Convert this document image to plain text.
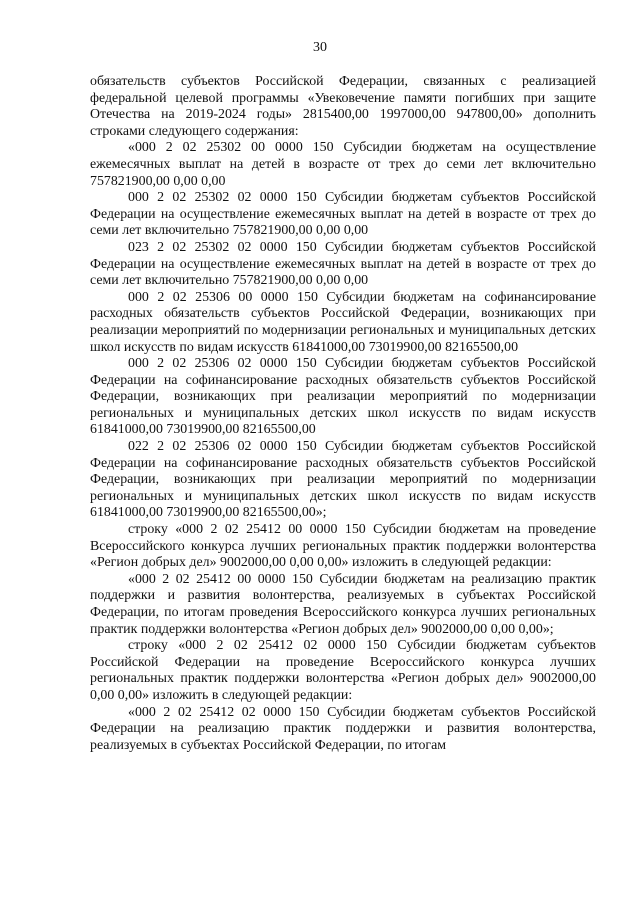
30

обязательств субъектов Российской Федерации, связанных с реализацией федеральной целевой программы «Увековечение памяти погибших при защите Отечества на 2019-2024 годы» 2815400,00 1997000,00 947800,00» дополнить строками следующего содержания:

«000 2 02 25302 00 0000 150 Субсидии бюджетам на осуществление ежемесячных выплат на детей в возрасте от трех до семи лет включительно 757821900,00 0,00 0,00

000 2 02 25302 02 0000 150 Субсидии бюджетам субъектов Российской Федерации на осуществление ежемесячных выплат на детей в возрасте от трех до семи лет включительно 757821900,00 0,00 0,00

023 2 02 25302 02 0000 150 Субсидии бюджетам субъектов Российской Федерации на осуществление ежемесячных выплат на детей в возрасте от трех до семи лет включительно 757821900,00 0,00 0,00

000 2 02 25306 00 0000 150 Субсидии бюджетам на софинансирование расходных обязательств субъектов Российской Федерации, возникающих при реализации мероприятий по модернизации региональных и муниципальных детских школ искусств по видам искусств 61841000,00 73019900,00 82165500,00

000 2 02 25306 02 0000 150 Субсидии бюджетам субъектов Российской Федерации на софинансирование расходных обязательств субъектов Российской Федерации, возникающих при реализации мероприятий по модернизации региональных и муниципальных детских школ искусств по видам искусств 61841000,00 73019900,00 82165500,00

022 2 02 25306 02 0000 150 Субсидии бюджетам субъектов Российской Федерации на софинансирование расходных обязательств субъектов Российской Федерации, возникающих при реализации мероприятий по модернизации региональных и муниципальных детских школ искусств по видам искусств 61841000,00 73019900,00 82165500,00»;

строку «000 2 02 25412 00 0000 150 Субсидии бюджетам на проведение Всероссийского конкурса лучших региональных практик поддержки волонтерства «Регион добрых дел» 9002000,00 0,00 0,00» изложить в следующей редакции:

«000 2 02 25412 00 0000 150 Субсидии бюджетам на реализацию практик поддержки и развития волонтерства, реализуемых в субъектах Российской Федерации, по итогам проведения Всероссийского конкурса лучших региональных практик поддержки волонтерства «Регион добрых дел» 9002000,00 0,00 0,00»;

строку «000 2 02 25412 02 0000 150 Субсидии бюджетам субъектов Российской Федерации на проведение Всероссийского конкурса лучших региональных практик поддержки волонтерства «Регион добрых дел» 9002000,00 0,00 0,00» изложить в следующей редакции:

«000 2 02 25412 02 0000 150 Субсидии бюджетам субъектов Российской Федерации на реализацию практик поддержки и развития волонтерства, реализуемых в субъектах Российской Федерации, по итогам
